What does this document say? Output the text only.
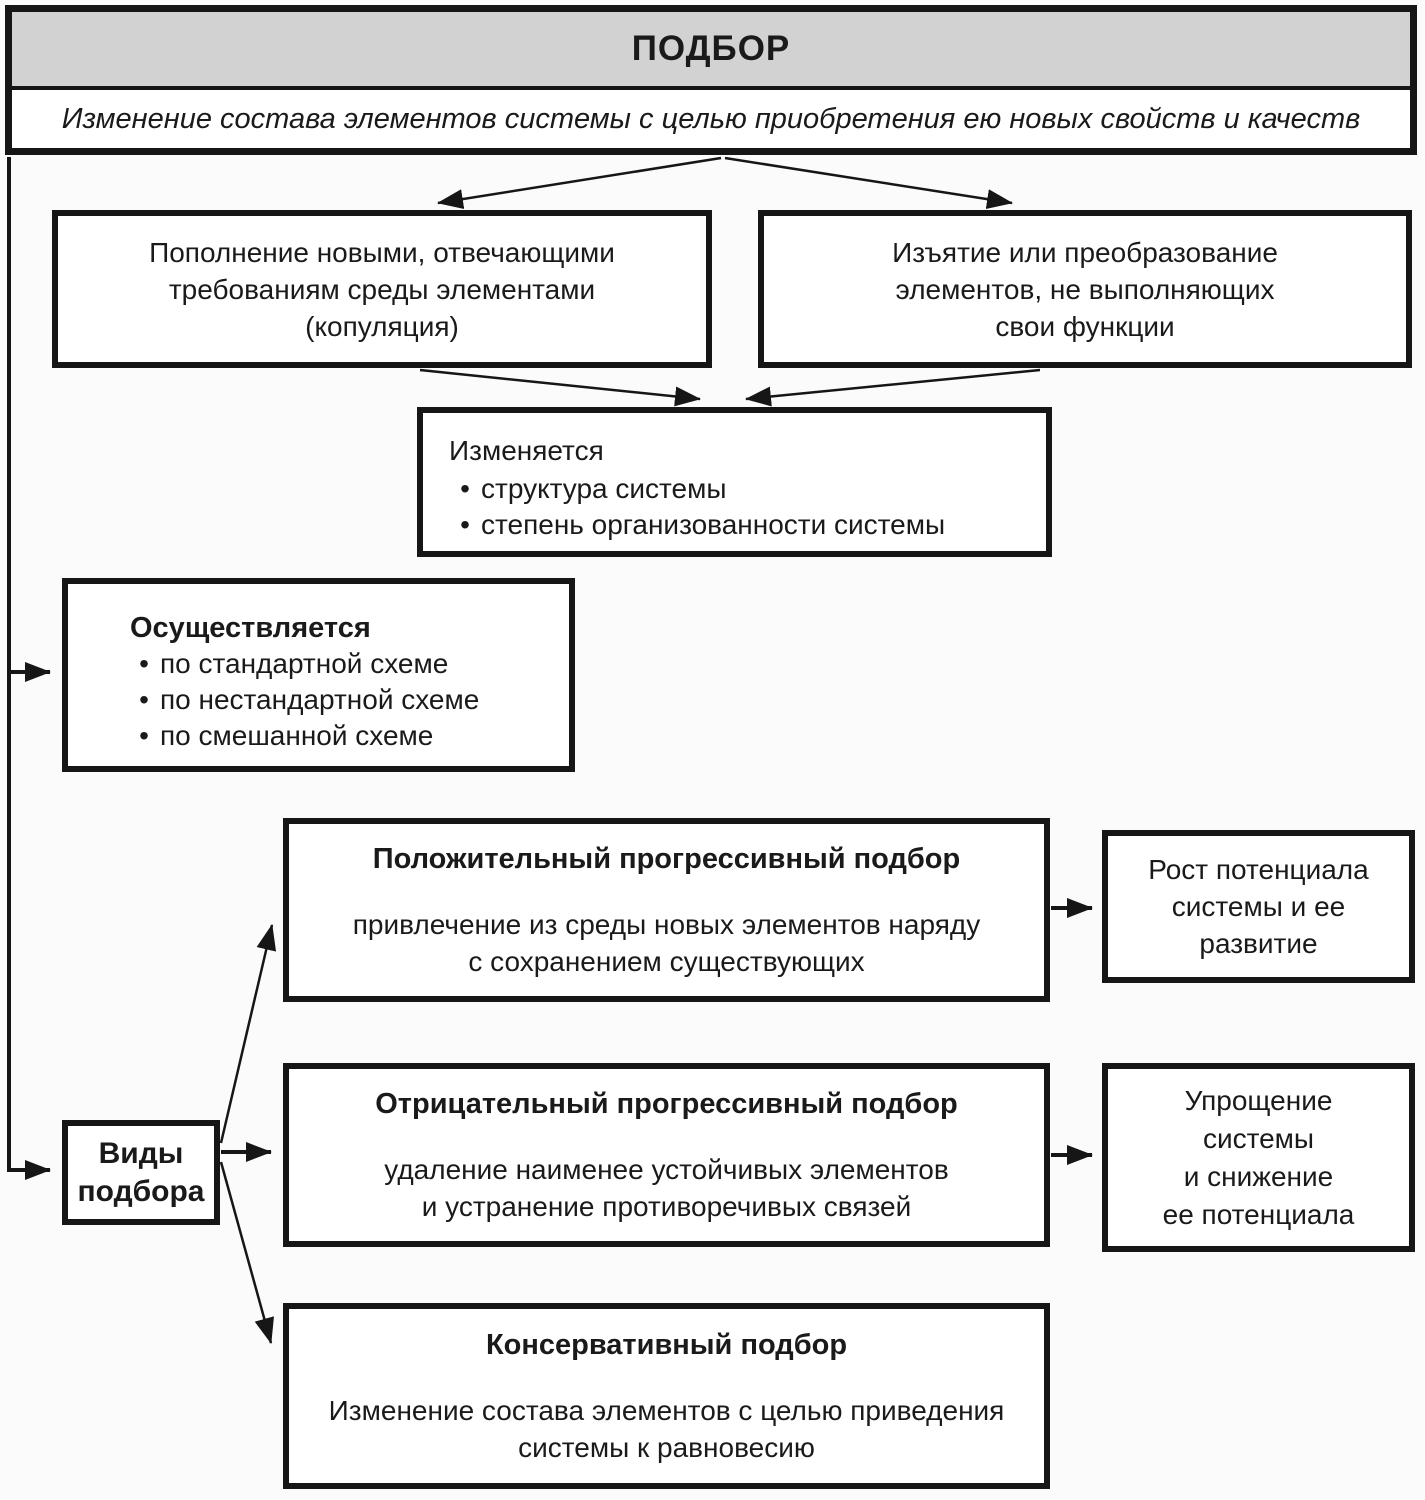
ПОДБОР
Изменение состава элементов системы с целью приобретения ею новых свойств и качеств
Пополнение новыми, отвечающими
требованиям среды элементами
(копуляция)
Изъятие или преобразование
элементов, не выполняющих
свои функции
Изменяется
• структура системы
• степень организованности системы
Осуществляется
• по стандартной схеме
• по нестандартной схеме
• по смешанной схеме
Виды
подбора
Положительный прогрессивный подбор
привлечение из среды новых элементов наряду
с сохранением существующих
Рост потенциала
системы и ее
развитие
Отрицательный прогрессивный подбор
удаление наименее устойчивых элементов
и устранение противоречивых связей
Упрощение
системы
и снижение
ее потенциала
Консервативный подбор
Изменение состава элементов с целью приведения
системы к равновесию
